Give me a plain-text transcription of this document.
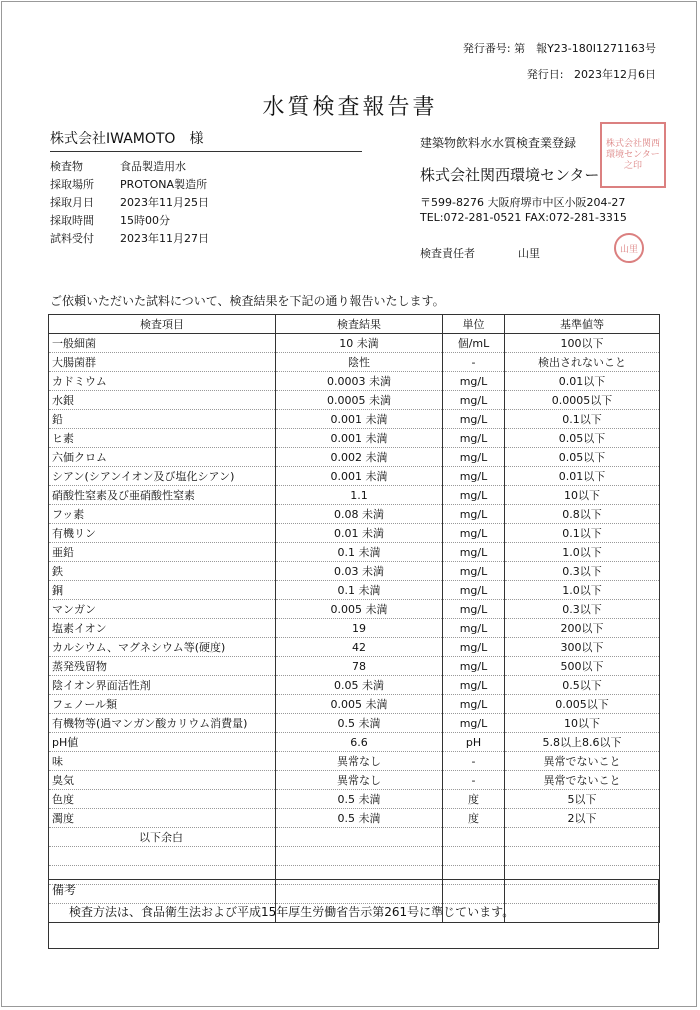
発行番号: 第　報Y23-180I1271163号
発行日: 2023年12月6日
水質検査報告書
株式会社IWAMOTO　様
検査物	食品製造用水
採取場所 PROTONA製造所
採取月日 2023年11月25日
採取時間 15時00分
試料受付 2023年11月27日
建築物飲料水水質検査業登録
株式会社関西環境センター
〒599-8276 大阪府堺市中区小阪204-27
TEL:072-281-0521 FAX:072-281-3315
検査責任者	山里
株式会社関西環境センター之印
山里
ご依頼いただいた試料について、検査結果を下記の通り報告いたします。
検査項目	検査結果	単位	基準値等
一般細菌	10 未満	個/mL	100以下
大腸菌群	陰性	-	検出されないこと
カドミウム	0.0003 未満	mg/L	0.01以下
水銀	0.0005 未満	mg/L	0.0005以下
鉛	0.001 未満	mg/L	0.1以下
ヒ素	0.001 未満	mg/L	0.05以下
六価クロム	0.002 未満	mg/L	0.05以下
シアン(シアンイオン及び塩化シアン)	0.001 未満	mg/L	0.01以下
硝酸性窒素及び亜硝酸性窒素	1.1	mg/L	10以下
フッ素	0.08 未満	mg/L	0.8以下
有機リン	0.01 未満	mg/L	0.1以下
亜鉛	0.1 未満	mg/L	1.0以下
鉄	0.03 未満	mg/L	0.3以下
銅	0.1 未満	mg/L	1.0以下
マンガン	0.005 未満	mg/L	0.3以下
塩素イオン	19	mg/L	200以下
カルシウム、マグネシウム等(硬度)	42	mg/L	300以下
蒸発残留物	78	mg/L	500以下
陰イオン界面活性剤	0.05 未満	mg/L	0.5以下
フェノール類	0.005 未満	mg/L	0.005以下
有機物等(過マンガン酸カリウム消費量)	0.5 未満	mg/L	10以下
pH値	6.6	pH	5.8以上8.6以下
味	異常なし	-	異常でないこと
臭気	異常なし	-	異常でないこと
色度	0.5 未満	度	5以下
濁度	0.5 未満	度	2以下
以下余白			

備考
検査方法は、食品衛生法および平成15年厚生労働省告示第261号に準じています。
